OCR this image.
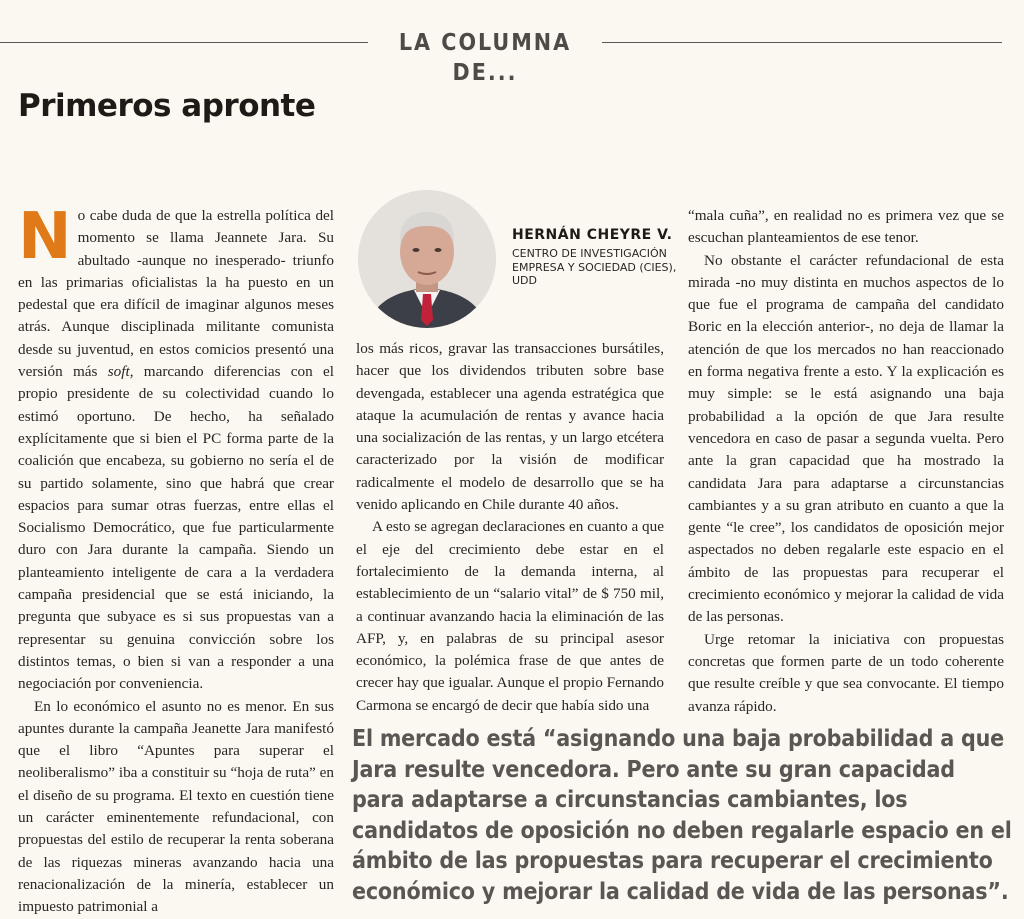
LA COLUMNA DE...
Primeros apronte

No cabe duda de que la estrella política del momento se llama Jeannete Jara. Su abultado -aunque no inesperado- triunfo en las primarias oficialistas la ha puesto en un pedestal que era difícil de imaginar algunos meses atrás. Aunque disciplinada militante comunista desde su juventud, en estos comicios presentó una versión más soft, marcando diferencias con el propio presidente de su colectividad cuando lo estimó oportuno. De hecho, ha señalado explícitamente que si bien el PC forma parte de la coalición que encabeza, su gobierno no sería el de su partido solamente, sino que habrá que crear espacios para sumar otras fuerzas, entre ellas el Socialismo Democrático, que fue particularmente duro con Jara durante la campaña. Siendo un planteamiento inteligente de cara a la verdadera campaña presidencial que se está iniciando, la pregunta que subyace es si sus propuestas van a representar su genuina convicción sobre los distintos temas, o bien si van a responder a una negociación por conveniencia.

En lo económico el asunto no es menor. En sus apuntes durante la campaña Jeanette Jara manifestó que el libro “Apuntes para superar el neoliberalismo” iba a constituir su “hoja de ruta” en el diseño de su programa. El texto en cuestión tiene un carácter eminentemente refundacional, con propuestas del estilo de recuperar la renta soberana de las riquezas mineras avanzando hacia una renacionalización de la minería, establecer un impuesto patrimonial a

HERNÁN CHEYRE V.
CENTRO DE INVESTIGACIÓN EMPRESA Y SOCIEDAD (CIES), UDD

los más ricos, gravar las transacciones bursátiles, hacer que los dividendos tributen sobre base devengada, establecer una agenda estratégica que ataque la acumulación de rentas y avance hacia una socialización de las rentas, y un largo etcétera caracterizado por la visión de modificar radicalmente el modelo de desarrollo que se ha venido aplicando en Chile durante 40 años.

A esto se agregan declaraciones en cuanto a que el eje del crecimiento debe estar en el fortalecimiento de la demanda interna, al establecimiento de un “salario vital” de $ 750 mil, a continuar avanzando hacia la eliminación de las AFP, y, en palabras de su principal asesor económico, la polémica frase de que antes de crecer hay que igualar. Aunque el propio Fernando Carmona se encargó de decir que había sido una

“mala cuña”, en realidad no es primera vez que se escuchan planteamientos de ese tenor.

No obstante el carácter refundacional de esta mirada -no muy distinta en muchos aspectos de lo que fue el programa de campaña del candidato Boric en la elección anterior-, no deja de llamar la atención de que los mercados no han reaccionado en forma negativa frente a esto. Y la explicación es muy simple: se le está asignando una baja probabilidad a la opción de que Jara resulte vencedora en caso de pasar a segunda vuelta. Pero ante la gran capacidad que ha mostrado la candidata Jara para adaptarse a circunstancias cambiantes y a su gran atributo en cuanto a que la gente “le cree”, los candidatos de oposición mejor aspectados no deben regalarle este espacio en el ámbito de las propuestas para recuperar el crecimiento económico y mejorar la calidad de vida de las personas.

Urge retomar la iniciativa con propuestas concretas que formen parte de un todo coherente que resulte creíble y que sea convocante. El tiempo avanza rápido.

El mercado está “asignando una baja probabilidad a que Jara resulte vencedora. Pero ante su gran capacidad para adaptarse a circunstancias cambiantes, los candidatos de oposición no deben regalarle espacio en el ámbito de las propuestas para recuperar el crecimiento económico y mejorar la calidad de vida de las personas”.
